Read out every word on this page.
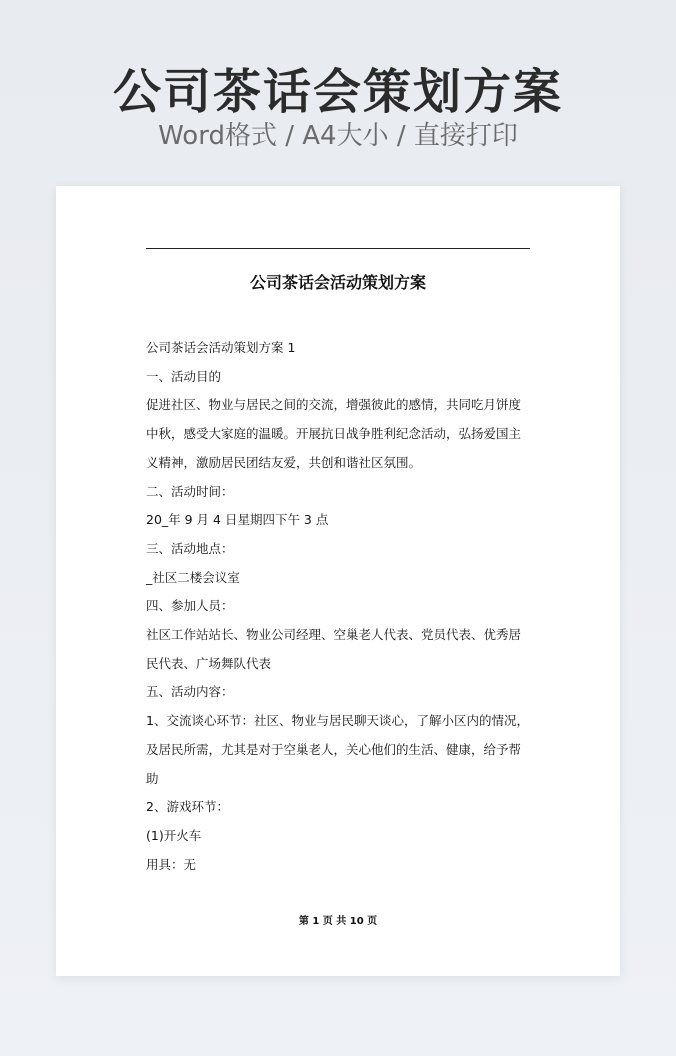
公司茶话会策划方案
Word格式 / A4大小 / 直接打印
公司茶话会活动策划方案

公司茶话会活动策划方案 1

一、活动目的

促进社区、物业与居民之间的交流，增强彼此的感情，共同吃月饼度

中秋，感受大家庭的温暖。开展抗日战争胜利纪念活动，弘扬爱国主

义精神，激励居民团结友爱，共创和谐社区氛围。

二、活动时间：

20_年 9 月 4 日星期四下午 3 点

三、活动地点：

_社区二楼会议室

四、参加人员：

社区工作站站长、物业公司经理、空巢老人代表、党员代表、优秀居

民代表、广场舞队代表

五、活动内容：

1、交流谈心环节：社区、物业与居民聊天谈心，了解小区内的情况，

及居民所需，尤其是对于空巢老人，关心他们的生活、健康，给予帮

助

2、游戏环节：

(1)开火车

用具：无

第 1 页 共 10 页
